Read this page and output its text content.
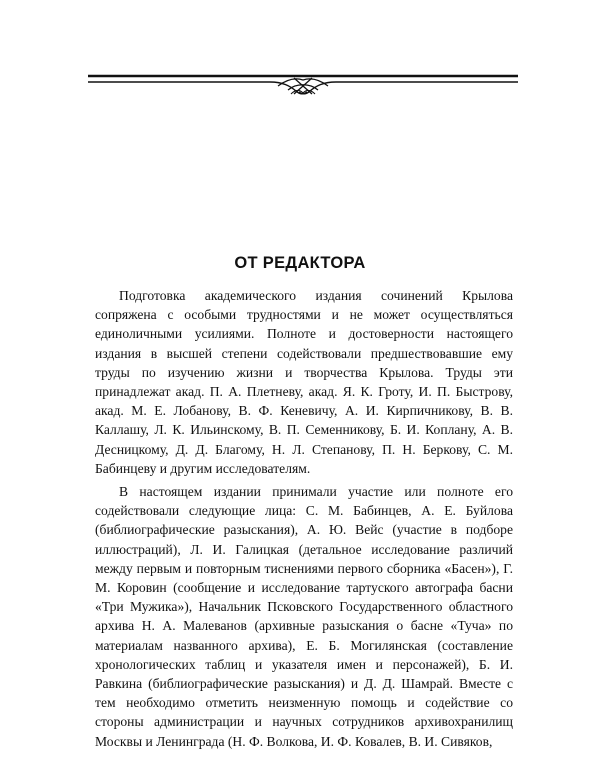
ОТ РЕДАКТОРА

Подготовка академического издания сочинений Крылова сопряжена с особыми трудностями и не может осуществляться единоличными усилиями. Полноте и достоверности настоящего издания в высшей степени содействовали предшествовавшие ему труды по изучению жизни и творчества Крылова. Труды эти принадлежат акад. П. А. Плетневу, акад. Я. К. Гроту, И. П. Быстрову, акад. М. Е. Лобанову, В. Ф. Кеневичу, А. И. Кирпичникову, В. В. Каллашу, Л. К. Ильинскому, В. П. Семенникову, Б. И. Коплану, А. В. Десницкому, Д. Д. Благому, Н. Л. Степанову, П. Н. Беркову, С. М. Бабинцеву и другим исследователям.

В настоящем издании принимали участие или полноте его содействовали следующие лица: С. М. Бабинцев, А. Е. Буйлова (библиографические разыскания), А. Ю. Вейс (участие в подборе иллюстраций), Л. И. Галицкая (детальное исследование различий между первым и повторным тиснениями первого сборника «Басен»), Г. М. Коровин (сообщение и исследование тартуского автографа басни «Три Мужика»), Начальник Псковского Государственного областного архива Н. А. Малеванов (архивные разыскания о басне «Туча» по материалам названного архива), Е. Б. Могилянская (составление хронологических таблиц и указателя имен и персонажей), Б. И. Равкина (библиографические разыскания) и Д. Д. Шамрай. Вместе с тем необходимо отметить неизменную помощь и содействие со стороны администрации и научных сотрудников архивохранилищ Москвы и Ленинграда (Н. Ф. Волкова, И. Ф. Ковалев, В. И. Сивяков,
